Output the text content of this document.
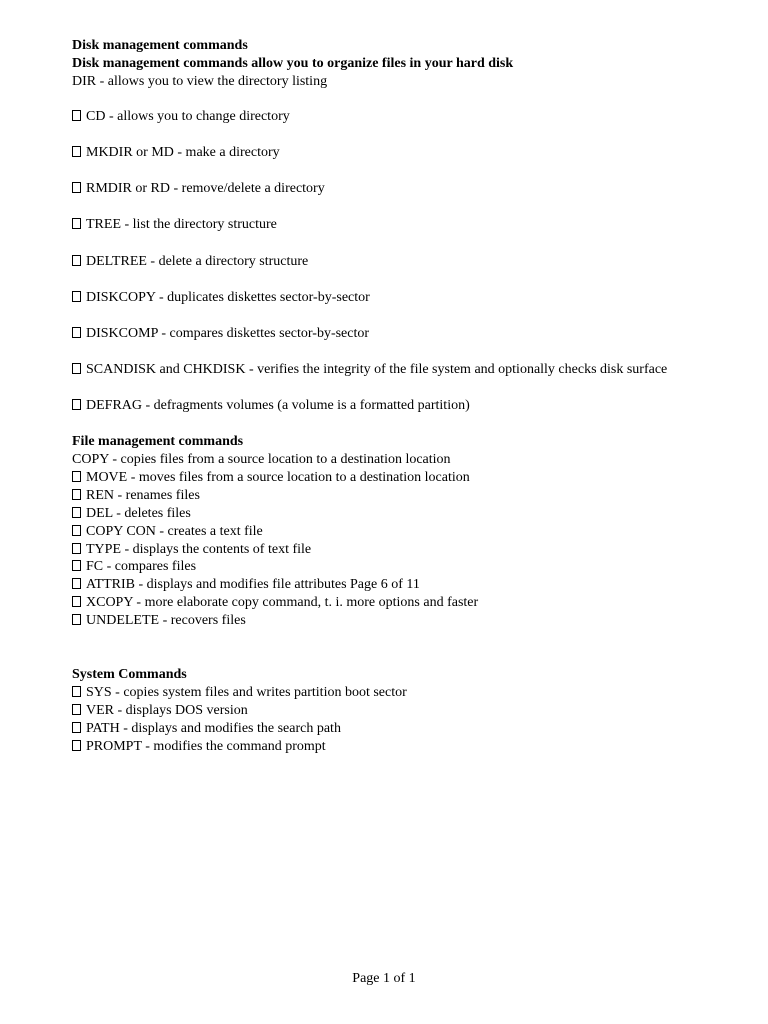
Disk management commands
Disk management commands allow you to organize files in your hard disk
DIR - allows you to view the directory listing
CD - allows you to change directory
MKDIR or MD - make a directory
RMDIR or RD - remove/delete a directory
TREE - list the directory structure
DELTREE - delete a directory structure
DISKCOPY - duplicates diskettes sector-by-sector
DISKCOMP - compares diskettes sector-by-sector
SCANDISK and CHKDISK - verifies the integrity of the file system and optionally checks disk surface
DEFRAG - defragments volumes (a volume is a formatted partition)
File management commands
COPY - copies files from a source location to a destination location
MOVE - moves files from a source location to a destination location
REN - renames files
DEL - deletes files
COPY CON - creates a text file
TYPE - displays the contents of text file
FC - compares files
ATTRIB - displays and modifies file attributes Page 6 of 11
XCOPY - more elaborate copy command, t. i. more options and faster
UNDELETE - recovers files
System Commands
SYS - copies system files and writes partition boot sector
VER - displays DOS version
PATH - displays and modifies the search path
PROMPT - modifies the command prompt
Page 1 of 1
